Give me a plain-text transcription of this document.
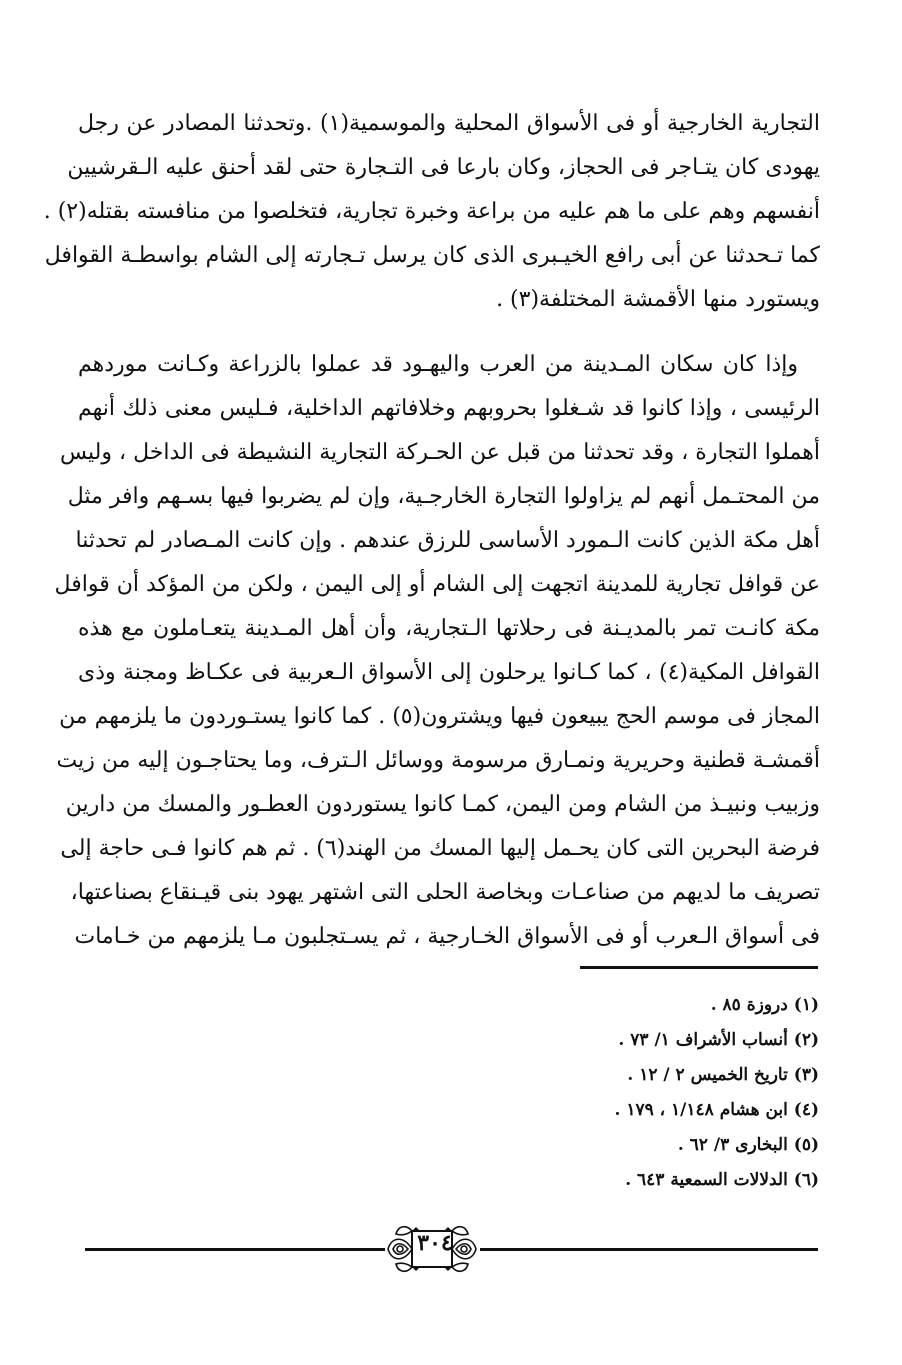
التجارية الخارجية أو فى الأسواق المحلية والموسمية(١) .وتحدثنا المصادر عن رجل
يهودى كان يتـاجر فى الحجاز، وكان بارعا فى التـجارة حتى لقد أحنق عليه الـقرشيين
أنفسهم وهم على ما هم عليه من براعة وخبرة تجارية، فتخلصوا من منافسته بقتله(٢) .
كما تـحدثنا عن أبى رافع الخيـبرى الذى كان يرسل تـجارته إلى الشام بواسطـة القوافل
ويستورد منها الأقمشة المختلفة(٣) .
وإذا كان سكان المـدينة من العرب واليهـود قد عملوا بالزراعة وكـانت موردهم
الرئيسى ، وإذا كانوا قد شـغلوا بحروبهم وخلافاتهم الداخلية، فـليس معنى ذلك أنهم
أهملوا التجارة ، وقد تحدثنا من قبل عن الحـركة التجارية النشيطة فى الداخل ، وليس
من المحتـمل أنهم لم يزاولوا التجارة الخارجـية، وإن لم يضربوا فيها بسـهم وافر مثل
أهل مكة الذين كانت الـمورد الأساسى للرزق عندهم . وإن كانت المـصادر لم تحدثنا
عن قوافل تجارية للمدينة اتجهت إلى الشام أو إلى اليمن ، ولكن من المؤكد أن قوافل
مكة كانـت تمر بالمديـنة فى رحلاتها الـتجارية، وأن أهل المـدينة يتعـاملون مع هذه
القوافل المكية(٤) ، كما كـانوا يرحلون إلى الأسواق الـعربية فى عكـاظ ومجنة وذى
المجاز فى موسم الحج يبيعون فيها ويشترون(٥) . كما كانوا يستـوردون ما يلزمهم من
أقمشـة قطنية وحريرية ونمـارق مرسومة ووسائل الـترف، وما يحتاجـون إليه من زيت
وزبيب ونبيـذ من الشام ومن اليمن، كمـا كانوا يستوردون العطـور والمسك من دارين
فرضة البحرين التى كان يحـمل إليها المسك من الهند(٦) . ثم هم كانوا فـى حاجة إلى
تصريف ما لديهم من صناعـات وبخاصة الحلى التى اشتهر يهود بنى قيـنقاع بصناعتها،
فى أسواق الـعرب أو فى الأسواق الخـارجية ، ثم يسـتجلبون مـا يلزمهم من خـامات
(١) دروزة ٨٥ .
(٢) أنساب الأشراف ١/ ٧٣ .
(٣) تاريخ الخميس ٢ / ١٢ .
(٤) ابن هشام ١/١٤٨ ، ١٧٩ .
(٥) البخارى ٣/ ٦٢ .
(٦) الدلالات السمعية ٦٤٣ .
٣٠٤
